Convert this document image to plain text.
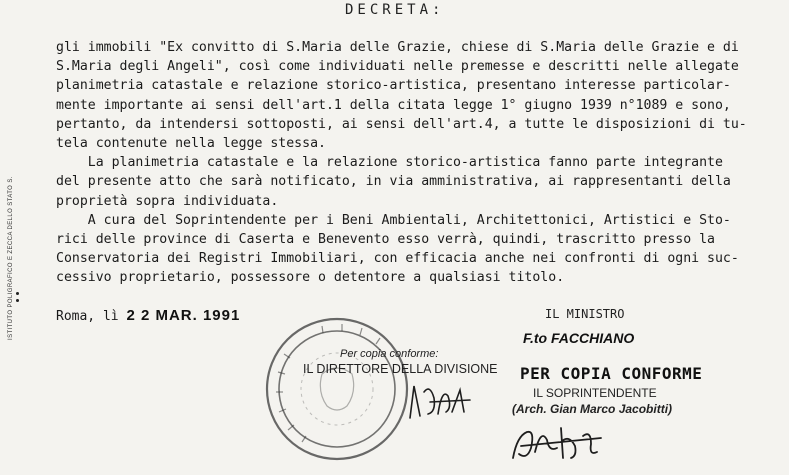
DECRETA:
gli immobili "Ex convitto di S.Maria delle Grazie, chiese di S.Maria delle Grazie e di
S.Maria degli Angeli", così come individuati nelle premesse e descritti nelle allegate
planimetria catastale e relazione storico-artistica, presentano interesse particolar-
mente importante ai sensi dell'art.1 della citata legge 1° giugno 1939 n°1089 e sono,
pertanto, da intendersi sottoposti, ai sensi dell'art.4, a tutte le disposizioni di tu-
tela contenute nella legge stessa.
La planimetria catastale e la relazione storico-artistica fanno parte integrante
del presente atto che sarà notificato, in via amministrativa, ai rappresentanti della
proprietà sopra individuata.
A cura del Soprintendente per i Beni Ambientali, Architettonici, Artistici e Sto-
rici delle province di Caserta e Benevento esso verrà, quindi, trascritto presso la
Conservatoria dei Registri Immobiliari, con efficacia anche nei confronti di ogni suc-
cessivo proprietario, possessore o detentore a qualsiasi titolo.
ISTITUTO POLIGRAFICO E ZECCA DELLO STATO S.	Roma, lì 2 2 MAR. 1991	IL MINISTRO
F.to FACCHIANO
Per copia conforme:
IL DIRETTORE DELLA DIVISIONE PER COPIA CONFORME
IL SOPRINTENDENTE
(Arch. Gian Marco Jacobitti)
